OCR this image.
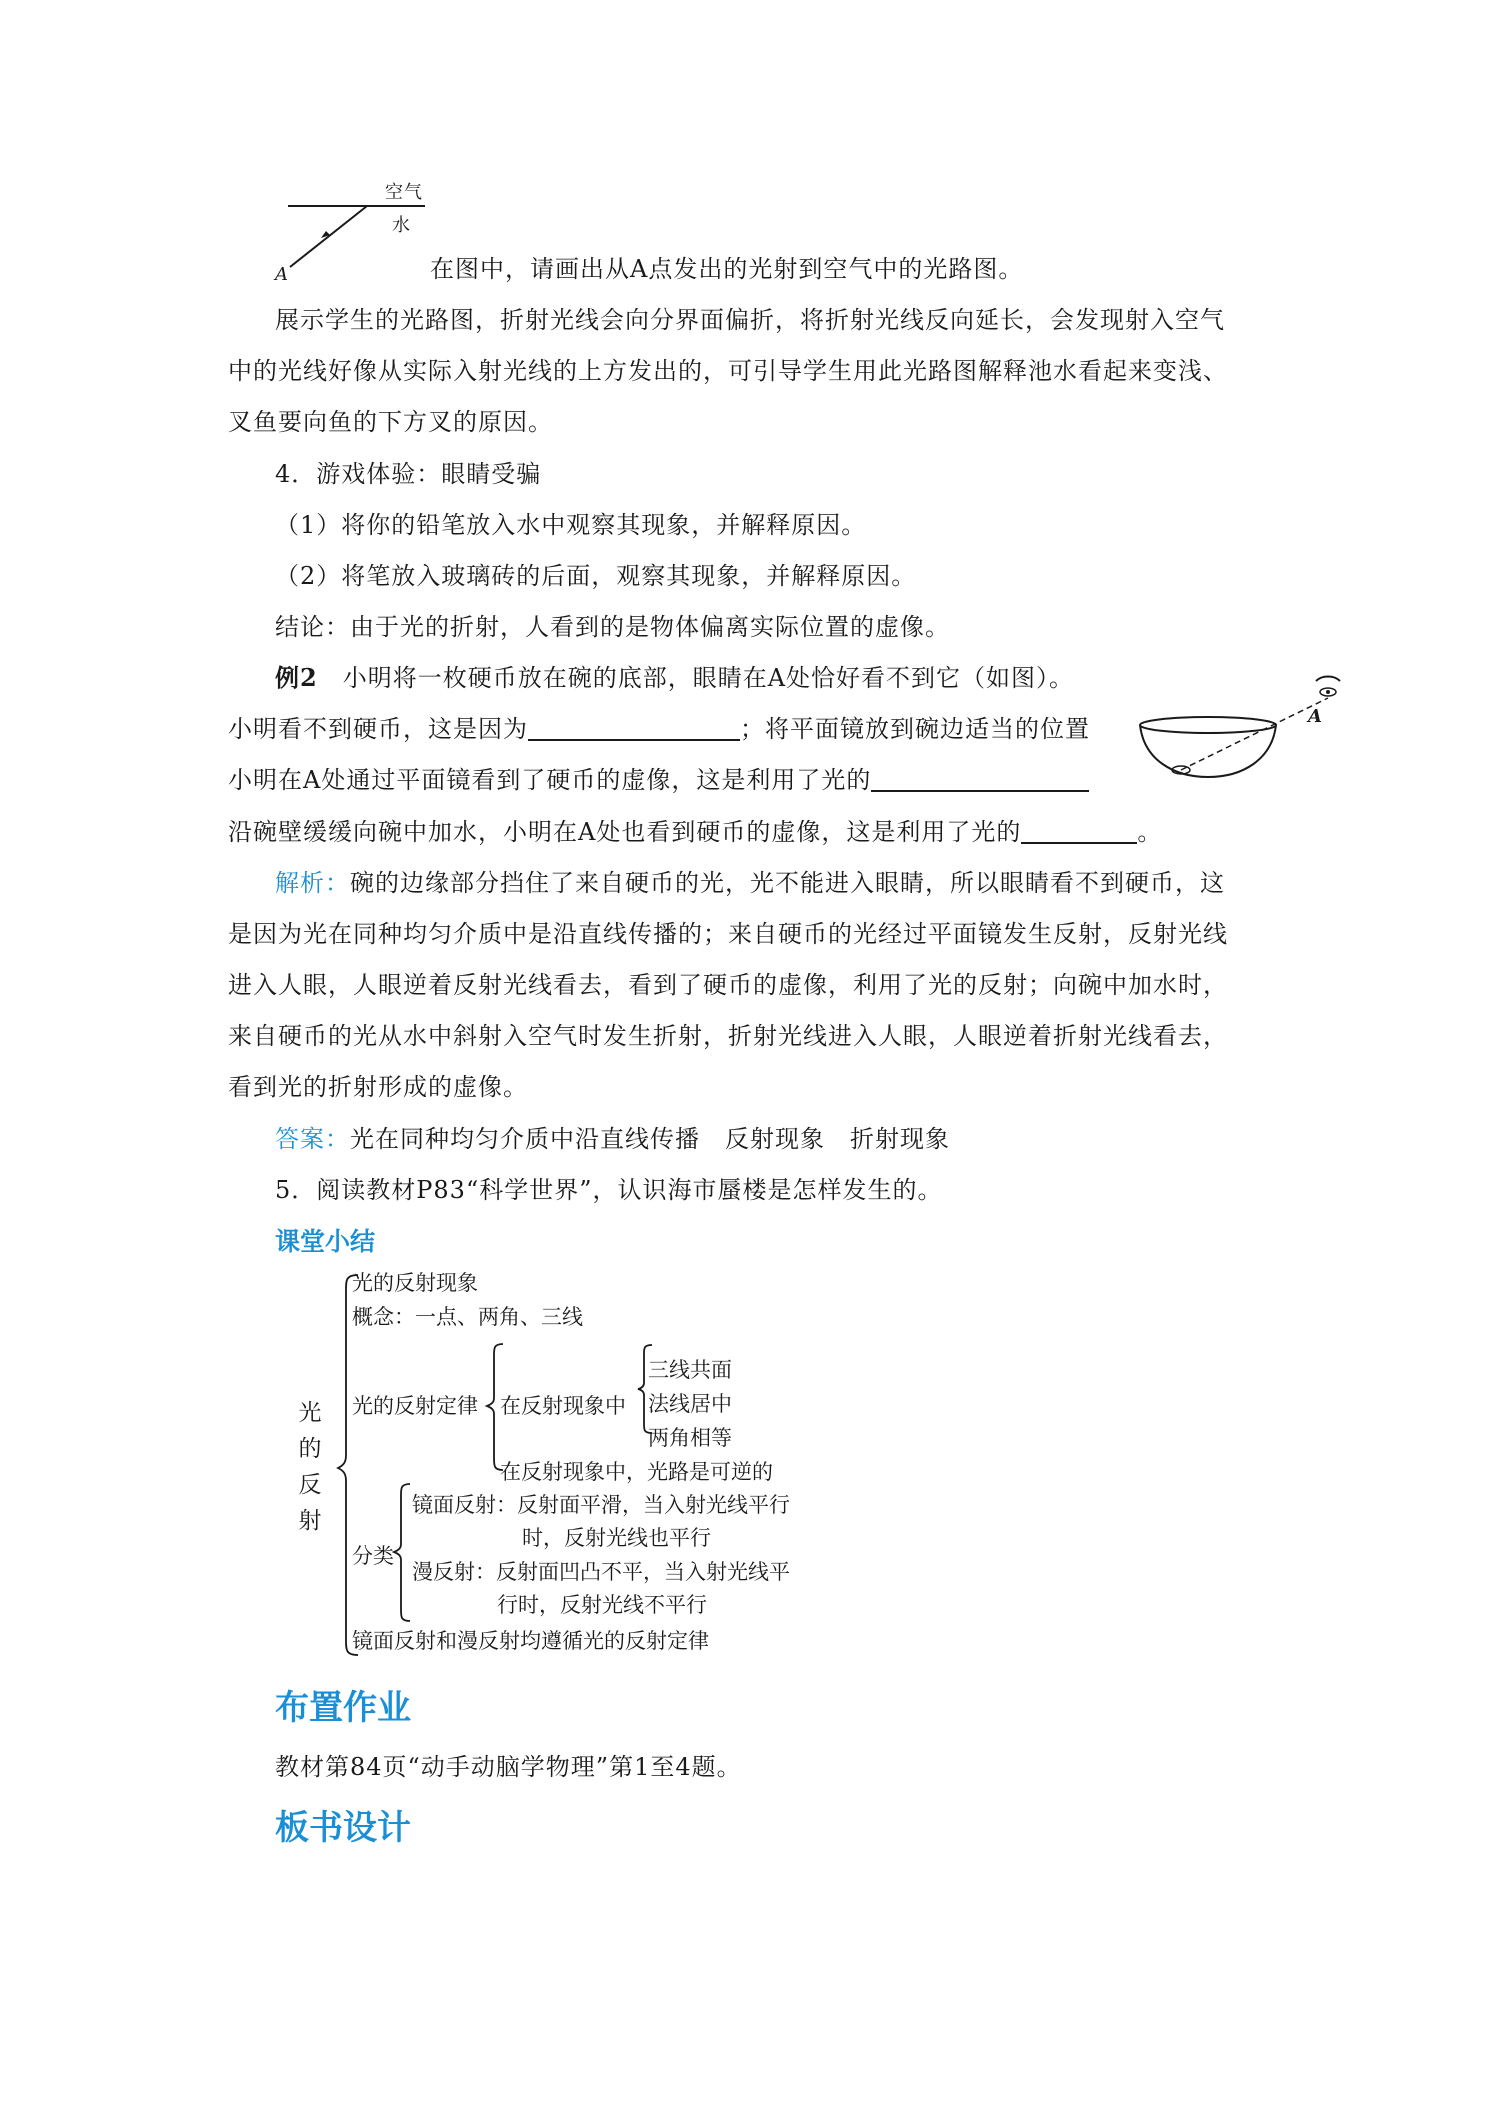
空气
水
A	在图中，请画出从A点发出的光射到空气中的光路图。
展示学生的光路图，折射光线会向分界面偏折，将折射光线反向延长，会发现射入空气
中的光线好像从实际入射光线的上方发出的，可引导学生用此光路图解释池水看起来变浅、
叉鱼要向鱼的下方叉的原因。
4．游戏体验：眼睛受骗
（1）将你的铅笔放入水中观察其现象，并解释原因。
（2）将笔放入玻璃砖的后面，观察其现象，并解释原因。
结论：由于光的折射，人看到的是物体偏离实际位置的虚像。
例2　 小明将一枚硬币放在碗的底部，眼睛在A处恰好看不到它（如图）。
小明看不到硬币，这是因为	；将平面镜放到碗边适当的位置
小明在A处通过平面镜看到了硬币的虚像，这是利用了光的
沿碗壁缓缓向碗中加水，小明在A处也看到硬币的虚像，这是利用了光的	。
A
解析：碗的边缘部分挡住了来自硬币的光，光不能进入眼睛，所以眼睛看不到硬币，这
是因为光在同种均匀介质中是沿直线传播的；来自硬币的光经过平面镜发生反射，反射光线
进入人眼，人眼逆着反射光线看去，看到了硬币的虚像，利用了光的反射；向碗中加水时，
来自硬币的光从水中斜射入空气时发生折射，折射光线进入人眼，人眼逆着折射光线看去，
看到光的折射形成的虚像。
答案：光在同种均匀介质中沿直线传播　反射现象　折射现象
5．阅读教材P83“科学世界”，认识海市蜃楼是怎样发生的。
课堂小结
光
的
反
射
光的反射现象
概念：一点、两角、三线
光的反射定律 在反射现象中
三线共面
法线居中
两角相等
在反射现象中，光路是可逆的
分类
镜面反射：反射面平滑，当入射光线平行
时，反射光线也平行
漫反射：反射面凹凸不平，当入射光线平
行时，反射光线不平行
镜面反射和漫反射均遵循光的反射定律
布置作业
教材第84页“动手动脑学物理”第1至4题。
板书设计
